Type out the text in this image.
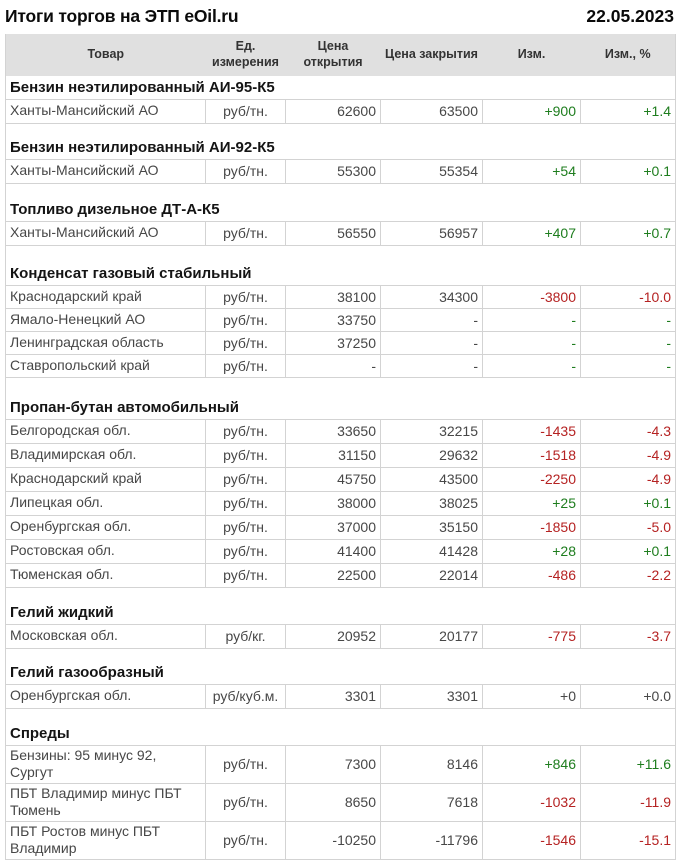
Итоги торгов на ЭТП eOil.ru	22.05.2023
Товар	Ед. измерения	Цена открытия	Цена закрытия	Изм.	Изм., %
Бензин неэтилированный АИ-95-К5					
Ханты-Мансийский АО	руб/тн.	62600	63500	+900	+1.4

Бензин неэтилированный АИ-92-К5					
Ханты-Мансийский АО	руб/тн.	55300	55354	+54	+0.1

Топливо дизельное ДТ-А-К5					
Ханты-Мансийский АО	руб/тн.	56550	56957	+407	+0.7

Конденсат газовый стабильный					
Краснодарский край	руб/тн.	38100	34300	-3800	-10.0
Ямало-Ненецкий АО	руб/тн.	33750	-	-	-
Ленинградская область	руб/тн.	37250	-	-	-
Ставропольский край	руб/тн.	-	-	-	-

Пропан-бутан автомобильный					
Белгородская обл.	руб/тн.	33650	32215	-1435	-4.3
Владимирская обл.	руб/тн.	31150	29632	-1518	-4.9
Краснодарский край	руб/тн.	45750	43500	-2250	-4.9
Липецкая обл.	руб/тн.	38000	38025	+25	+0.1
Оренбургская обл.	руб/тн.	37000	35150	-1850	-5.0
Ростовская обл.	руб/тн.	41400	41428	+28	+0.1
Тюменская обл.	руб/тн.	22500	22014	-486	-2.2

Гелий жидкий					
Московская обл.	руб/кг.	20952	20177	-775	-3.7

Гелий газообразный					
Оренбургская обл.	руб/куб.м.	3301	3301	+0	+0.0

Спреды					
Бензины: 95 минус 92, Сургут	руб/тн.	7300	8146	+846	+11.6
ПБТ Владимир минус ПБТ Тюмень	руб/тн.	8650	7618	-1032	-11.9
ПБТ Ростов минус ПБТ Владимир	руб/тн.	-10250	-11796	-1546	-15.1
